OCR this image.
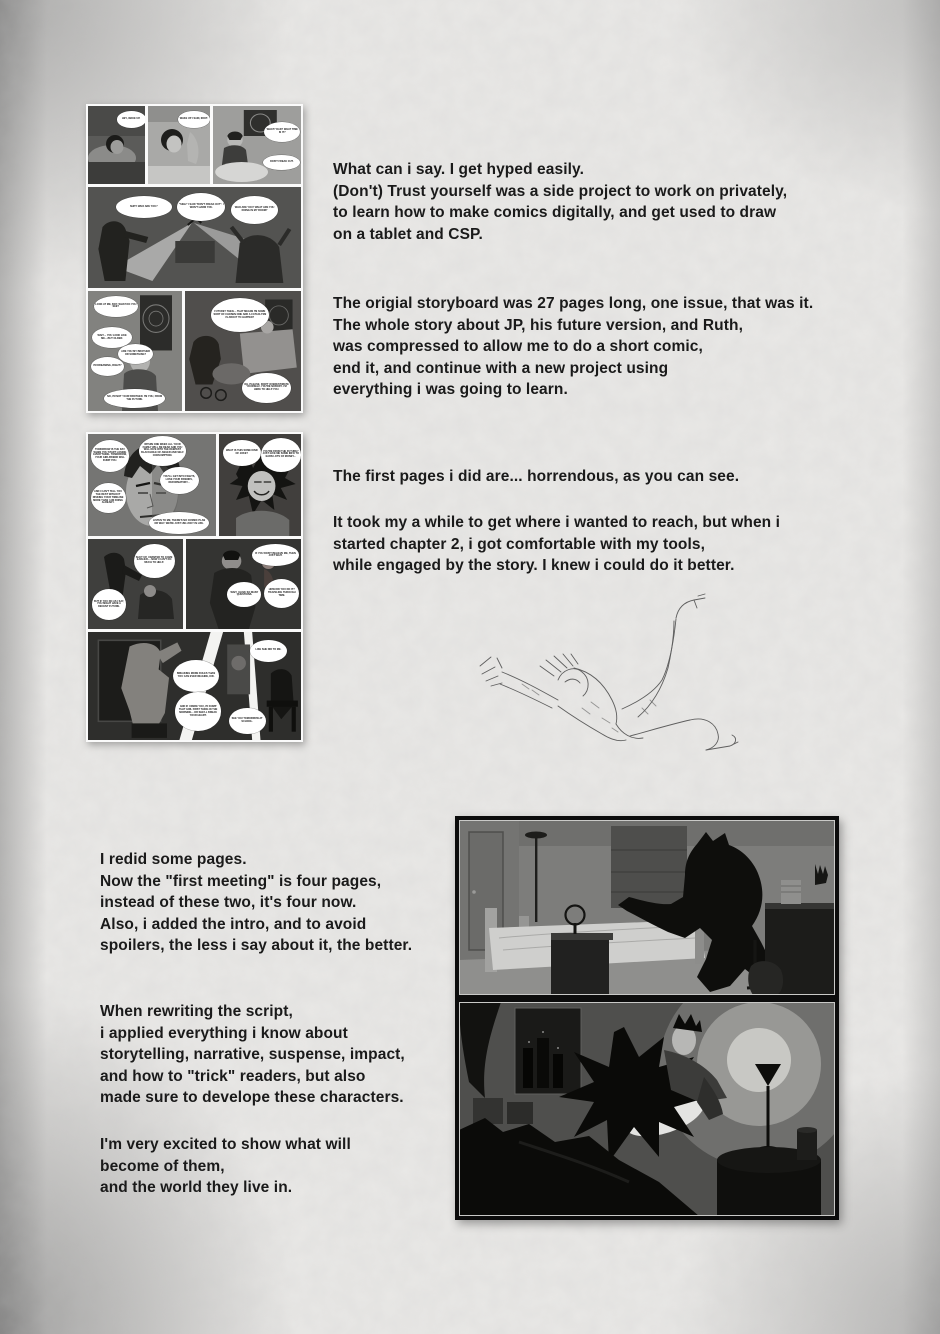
HEY, WAKE UP.	WAKE UP I SAID, IDIOT.
WHAT? DAD? WHAT TIME IS IT?
DON'T FREAK OUT.
SHIT!! WHO ARE YOU?	"SIGH" I SAID "DON'T FREAK OUT". I WON'T HARM YOU.	WHO ARE YOU? WHAT ARE YOU DOING IN MY ROOM?
LOOK AT ME, BOY. WHAT DO YOU SEE?
WAIT.... YOU LOOK LIKE ME....BUT OLDER.
ARE YOU MY BROTHER OR SOMETHING?
I'M DREAMING, RIGHT?
NO, I'M NOT YOUR BROTHER. I'M YOU, FROM THE FUTURE.
FUTURE? THEN.... THAT MEANS I'M SOME SORT OF CHOSEN ONE AND A CATACLYSM IS ABOUT TO HAPPEN?
OH, PLEASE. DON'T OVERESTIMATE YOURSELF. YOU'RE NOBODY. I'M HERE TO HELP YOU.
TOMORROW IS THE DAY WHEN YOU START LOSING EVERYTHING. TOMORROW, YOUR GIRLFRIEND WILL DUMP YOU.
WITHIN ONE WEEK ALL YOUR FAMILY WILL BE DEAD AND YOU WILL DIVE INTO THE DEEPEST BLACKHOLE OF ANGER AND SELF CONSUMPTION.
YOU'LL GET INTO FIGHTS, LOSE YOUR FRIENDS, REFORMATORY...
AND I CAN'T TELL YOU THE REST WITHOUT RISKING YOUR TIMELINE MORE THAN I AM DOING ALREADY.
LISTEN TO ME, THERE'S NO COSMIC PLAN OR WHY. WE'RE JUST UNLUCKY IN LIFE.
WHAT IS THIS SOME KIND OF JOKE?
YOU'RE FROM THE FUTURE? JUST GIVE ME SOME INFO TO EARN LOTS OF MONEY...
SHUT UP. I WANTED TO COME EARLIER.... NOW I CAN'T DO MUCH TO HELP.
BUT IF YOU DO AS I SAY, YOU MIGHT HAVE A DECENT FUTURE.
IF YOU DON'T BELIEVE ME, THEN JUST WAIT.
WAIT, I HAVE SO MANY QUESTIONS.
HOW DID YOU DO IT? TRAVELING THROUGH TIME.
BREAKING MORE RULES THAN YOU CAN EVER IMAGINE, KID.
AND IF I WERE YOU, I'D DUMP THAT GIRL FIRST THING IN THE MORNING... OR SHE'LL BREAK YOUR HEART.
LIKE SHE DID TO ME.
SEE YOU TOMORROW AT SCHOOL.
What can i say. I get hyped easily.
(Don't) Trust yourself was a side project to work on privately,
to learn how to make comics digitally, and get used to draw
on a tablet and CSP.
The origial storyboard was 27 pages long, one issue, that was it.
The whole story about JP, his future version, and Ruth,
was compressed to allow me to do a short comic,
end it, and continue with a new project using
everything i was going to learn.
The first pages i did are... horrendous, as you can see.
It took my a while to get where i wanted to reach, but when i
started chapter 2, i got comfortable with my tools,
while engaged by the story. I knew i could do it better.
I redid some pages.
Now the "first meeting" is four pages,
instead of these two, it's four now.
Also, i added the intro, and to avoid
spoilers, the less i say about it, the better.
When rewriting the script,
i applied everything i know about
storytelling, narrative, suspense, impact,
and how to "trick" readers, but also
made sure to develope these characters.
I'm very excited to show what will
become of them,
and the world they live in.
